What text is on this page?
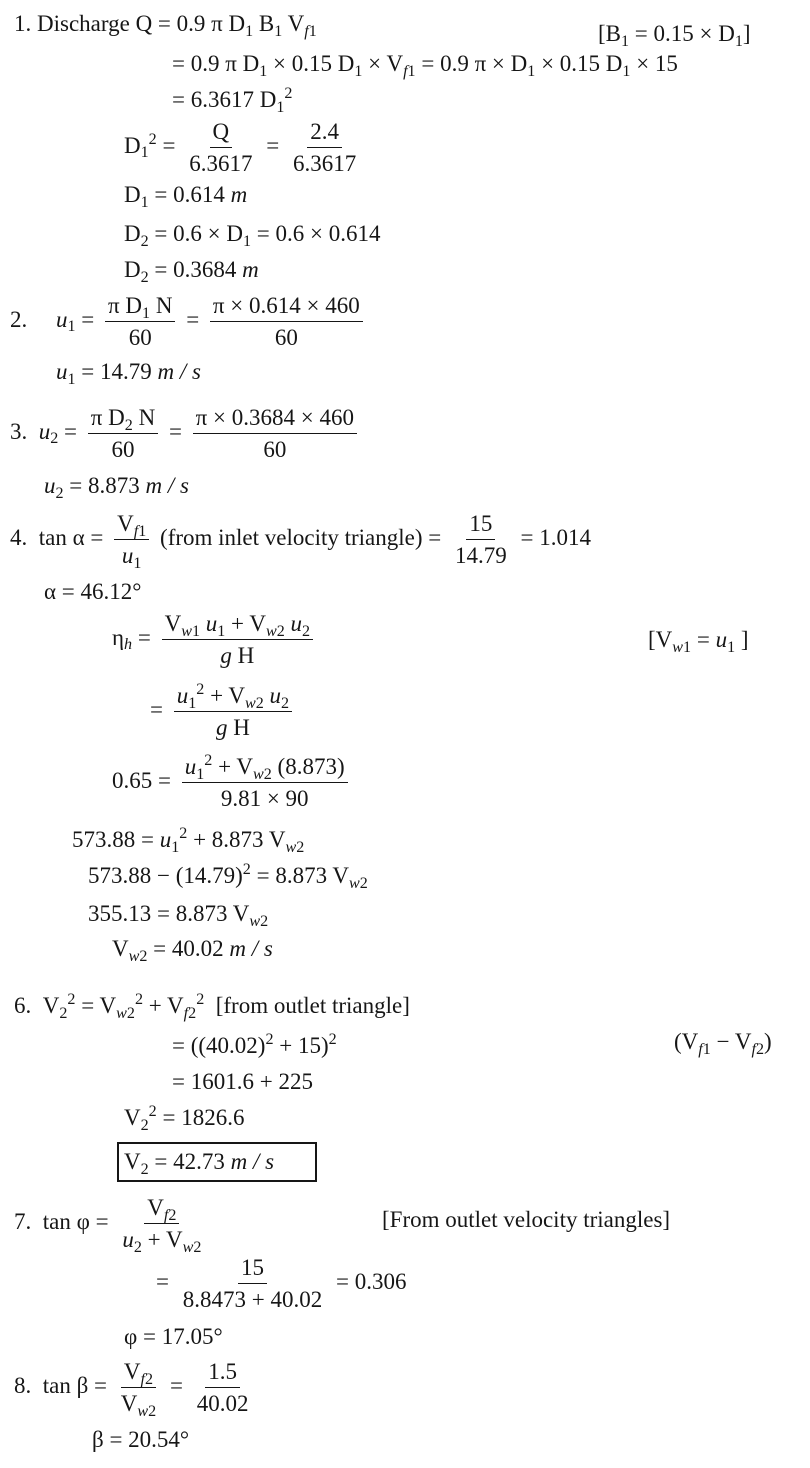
1. Discharge Q = 0.9 π $D_1$ $B_1$ $V_{f1}$	$[B_1 = 0.15 \times D_1]$
= 0.9 π $D_1 \times 0.15$ $D_1 \times V_{f1} = 0.9$ $\pi \times D_1 \times 0.15$ $D_1 \times 15$
= 6.3617 $D_1^2$
$D_1^2 = \frac{Q}{6.3617} = \frac{2.4}{6.3617}$
$D_1 = 0.614$ m
$D_2 = 0.6 \times D_1 = 0.6 \times 0.614$
$D_2 = 0.3684$ m
2.     $u_1 = \frac{\pi D_1 N}{60} = \frac{\pi \times 0.614 \times 460}{60}$
$u_1 = 14.79$ m / s
3.  $u_2 = \frac{\pi D_2 N}{60} = \frac{\pi \times 0.3684 \times 460}{60}$
$u_2 = 8.873$ m / s
4.  $\tan \alpha = \frac{V_{f1}}{u_1}$ (from inlet velocity triangle) = $\frac{15}{14.79} = 1.014$
α = 46.12°
$\eta_h = \frac{V_{w1} u_1 + V_{w2} u_2}{\text{g H}}$	[$V_{w1} = u_1$ ]
= $\frac{u_1^2 + V_{w2} u_2}{\text{g H}}$
$0.65 = \frac{u_1^2 + V_{w2} (8.873)}{9.81 \times 90}$
$573.88 = u_1^2 + 8.873$ $V_{w2}$
$573.88 - (14.79)^2 = 8.873$ $V_{w2}$
355.13 = 8.873 $V_{w2}$
$V_{w2} = 40.02$ m / s
6.  $V_2^2 = V_{w2}^2 + V_{f2}^2$  [from outlet triangle]
$(V_{f1} - V_{f2})$
= $((40.02)^2 + 15)^2$
= 1601.6 + 225
$V_2^2 = 1826.6$
$V_2 = 42.73$ m / s
7.  $\tan \varphi = \frac{V_{f2}}{u_2 + V_{w2}}$	[From outlet velocity triangles]
= $\frac{15}{8.8473 + 40.02} = 0.306$
φ = 17.05°
8.  $\tan \beta = \frac{V_{f2}}{V_{w2}} = \frac{1.5}{40.02}$
β = 20.54°
